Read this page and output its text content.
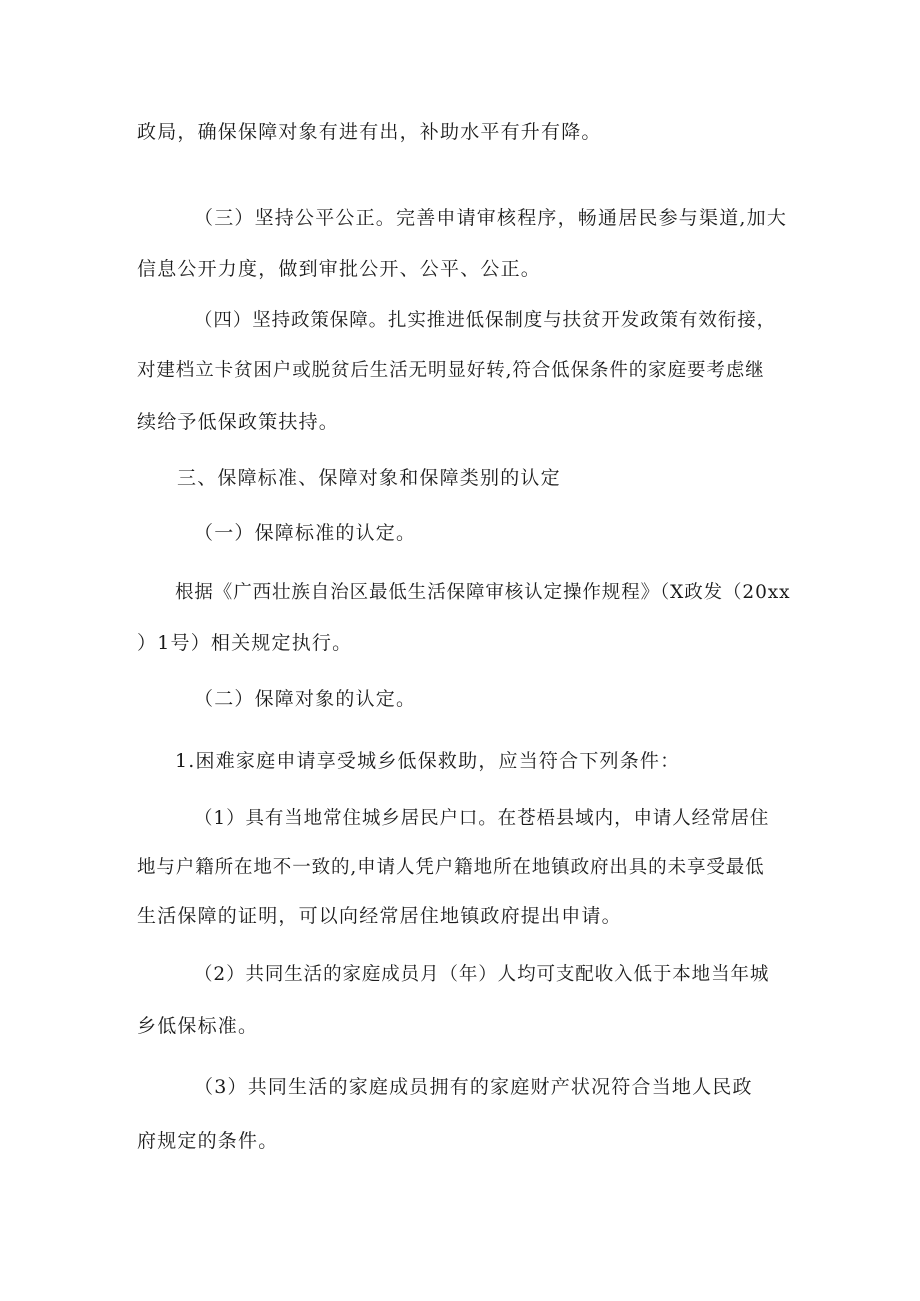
政局，确保保障对象有进有出，补助水平有升有降。
（三）坚持公平公正。完善申请审核程序，畅通居民参与渠道,加大
信息公开力度，做到审批公开、公平、公正。
（四）坚持政策保障。扎实推进低保制度与扶贫开发政策有效衔接，
对建档立卡贫困户或脱贫后生活无明显好转,符合低保条件的家庭要考虑继
续给予低保政策扶持。
三、保障标准、保障对象和保障类别的认定
（一）保障标准的认定。
根据《广西壮族自治区最低生活保障审核认定操作规程》（X政发（20xx
）1号）相关规定执行。
（二）保障对象的认定。
1.困难家庭申请享受城乡低保救助，应当符合下列条件：
（1）具有当地常住城乡居民户口。在苍梧县域内，申请人经常居住
地与户籍所在地不一致的,申请人凭户籍地所在地镇政府出具的未享受最低
生活保障的证明，可以向经常居住地镇政府提出申请。
（2）共同生活的家庭成员月（年）人均可支配收入低于本地当年城
乡低保标准。
（3）共同生活的家庭成员拥有的家庭财产状况符合当地人民政
府规定的条件。
